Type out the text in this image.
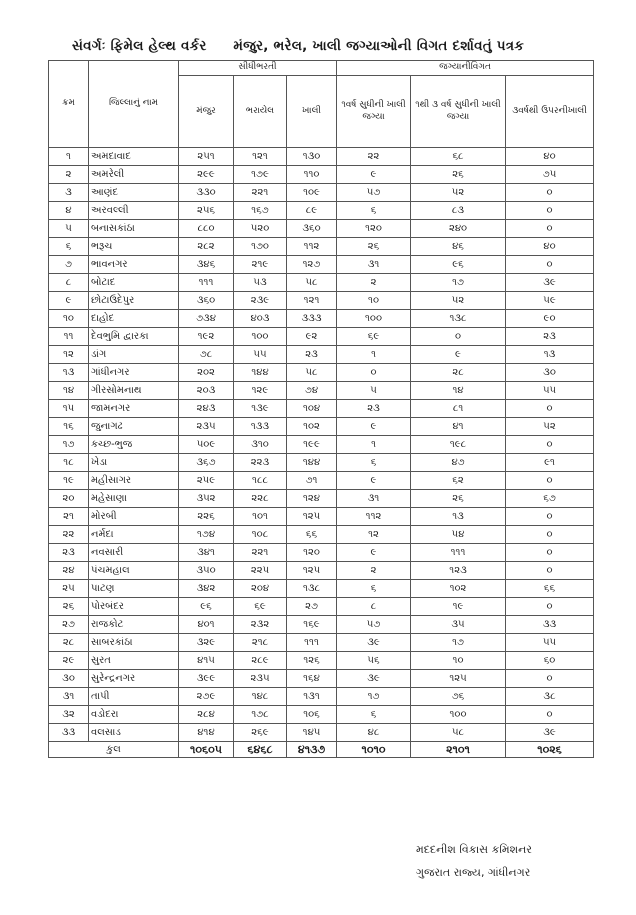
સંવર્ગઃ ફિમેલ હેલ્થ વર્કર મંજુર, ભરેલ, ખાલી જગ્યાઓની વિગત દર્શાવતું પત્રક
ક્રમ	જિલ્લાનું નામ	સીધીભરતી			જગ્યાનીવિગત		
		મંજુર	ભરાયેલ	ખાલી	૧વર્ષ સુધીની ખાલી જગ્યા	૧થી ૩ વર્ષ સુધીની ખાલી જગ્યા	૩વર્ષથી ઉપરનીખાલી
૧	અમદાવાદ	૨૫૧	૧૨૧	૧૩૦	૨૨	૬૮	૪૦
૨	અમરેલી	૨૯૯	૧૭૯	૧૧૦	૯	૨૬	૭૫
૩	આણંદ	૩૩૦	૨૨૧	૧૦૯	૫૭	૫૨	૦
૪	અરવલ્લી	૨૫૬	૧૬૭	૮૯	૬	૮૩	૦
૫	બનાસકાંઠા	૮૮૦	૫૨૦	૩૬૦	૧૨૦	૨૪૦	૦
૬	ભરૂચ	૨૮૨	૧૭૦	૧૧૨	૨૬	૪૬	૪૦
૭	ભાવનગર	૩૪૬	૨૧૯	૧૨૭	૩૧	૯૬	૦
૮	બોટાદ	૧૧૧	૫૩	૫૮	૨	૧૭	૩૯
૯	છોટાઉદેપુર	૩૬૦	૨૩૯	૧૨૧	૧૦	૫૨	૫૯
૧૦	દાહોદ	૭૩૪	૪૦૩	૩૩૩	૧૦૦	૧૩૮	૯૦
૧૧	દેવભુમિ દ્વારકા	૧૯૨	૧૦૦	૯૨	૬૯	૦	૨૩
૧૨	ડાંગ	૭૮	૫૫	૨૩	૧	૯	૧૩
૧૩	ગાંધીનગર	૨૦૨	૧૪૪	૫૮	૦	૨૮	૩૦
૧૪	ગીરસોમનાથ	૨૦૩	૧૨૯	૭૪	૫	૧૪	૫૫
૧૫	જામનગર	૨૪૩	૧૩૯	૧૦૪	૨૩	૮૧	૦
૧૬	જુનાગઢ	૨૩૫	૧૩૩	૧૦૨	૯	૪૧	૫૨
૧૭	કચ્છ-ભુજ	૫૦૯	૩૧૦	૧૯૯	૧	૧૯૮	૦
૧૮	ખેડા	૩૬૭	૨૨૩	૧૪૪	૬	૪૭	૯૧
૧૯	મહીસાગર	૨૫૯	૧૮૮	૭૧	૯	૬૨	૦
૨૦	મહેસાણા	૩૫૨	૨૨૮	૧૨૪	૩૧	૨૬	૬૭
૨૧	મોરબી	૨૨૬	૧૦૧	૧૨૫	૧૧૨	૧૩	૦
૨૨	નર્મદા	૧૭૪	૧૦૮	૬૬	૧૨	૫૪	૦
૨૩	નવસારી	૩૪૧	૨૨૧	૧૨૦	૯	૧૧૧	૦
૨૪	પંચમહાલ	૩૫૦	૨૨૫	૧૨૫	૨	૧૨૩	૦
૨૫	પાટણ	૩૪૨	૨૦૪	૧૩૮	૬	૧૦૨	૬૬
૨૬	પોરબંદર	૯૬	૬૯	૨૭	૮	૧૯	૦
૨૭	રાજકોટ	૪૦૧	૨૩૨	૧૬૯	૫૭	૩૫	૩૩
૨૮	સાબરકાંઠા	૩૨૯	૨૧૮	૧૧૧	૩૯	૧૭	૫૫
૨૯	સુરત	૪૧૫	૨૮૯	૧૨૬	૫૬	૧૦	૬૦
૩૦	સુરેન્દ્રનગર	૩૯૯	૨૩૫	૧૬૪	૩૯	૧૨૫	૦
૩૧	તાપી	૨૭૯	૧૪૮	૧૩૧	૧૭	૭૬	૩૮
૩૨	વડોદરા	૨૮૪	૧૭૮	૧૦૬	૬	૧૦૦	૦
૩૩	વલસાડ	૪૧૪	૨૬૯	૧૪૫	૪૮	૫૮	૩૯
કુલ		૧૦૬૦૫	૬૪૬૮	૪૧૩૭	૧૦૧૦	૨૧૦૧	૧૦૨૬
મદદનીશ વિકાસ કમિશનર
ગુજરાત રાજ્ય, ગાંધીનગર
